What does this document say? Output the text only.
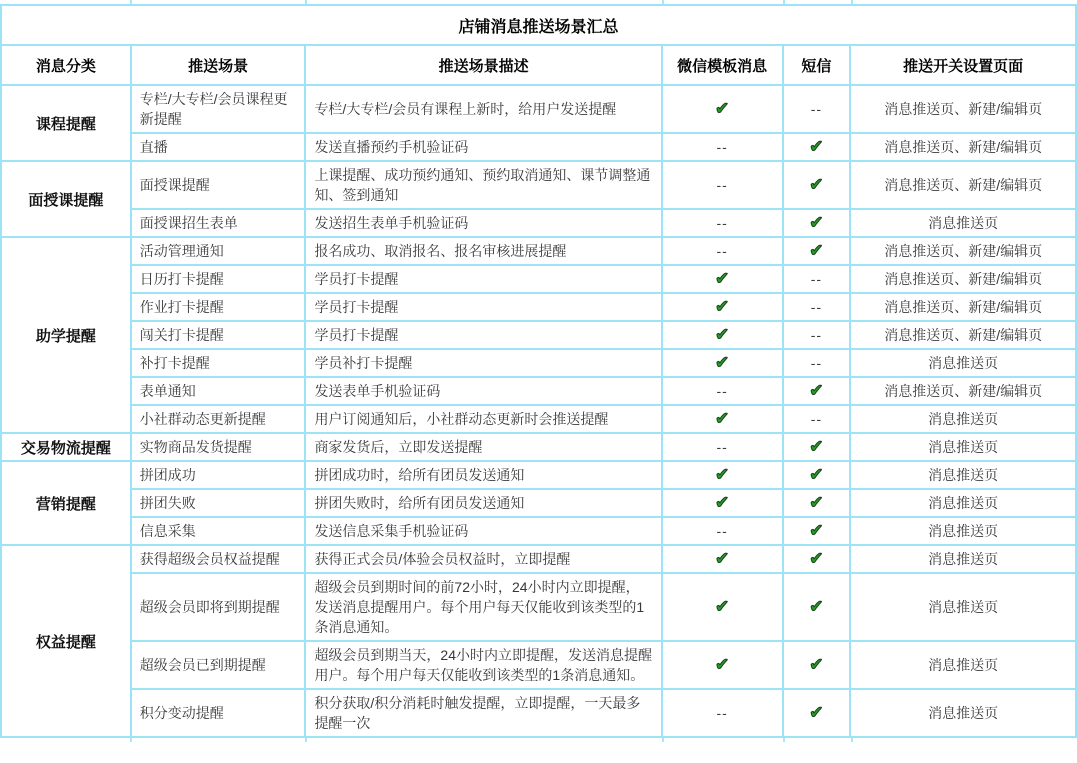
店铺消息推送场景汇总					
消息分类	推送场景	推送场景描述	微信模板消息	短信	推送开关设置页面
课程提醒	专栏/大专栏/会员课程更新提醒	专栏/大专栏/会员有课程上新时，给用户发送提醒	✔	--	消息推送页、新建/编辑页
	直播	发送直播预约手机验证码	--	✔	消息推送页、新建/编辑页
面授课提醒	面授课提醒	上课提醒、成功预约通知、预约取消通知、课节调整通知、签到通知	--	✔	消息推送页、新建/编辑页
	面授课招生表单	发送招生表单手机验证码	--	✔	消息推送页
助学提醒	活动管理通知	报名成功、取消报名、报名审核进展提醒	--	✔	消息推送页、新建/编辑页
	日历打卡提醒	学员打卡提醒	✔	--	消息推送页、新建/编辑页
	作业打卡提醒	学员打卡提醒	✔	--	消息推送页、新建/编辑页
	闯关打卡提醒	学员打卡提醒	✔	--	消息推送页、新建/编辑页
	补打卡提醒	学员补打卡提醒	✔	--	消息推送页
	表单通知	发送表单手机验证码	--	✔	消息推送页、新建/编辑页
	小社群动态更新提醒	用户订阅通知后，小社群动态更新时会推送提醒	✔	--	消息推送页
交易物流提醒	实物商品发货提醒	商家发货后，立即发送提醒	--	✔	消息推送页
营销提醒	拼团成功	拼团成功时，给所有团员发送通知	✔	✔	消息推送页
	拼团失败	拼团失败时，给所有团员发送通知	✔	✔	消息推送页
	信息采集	发送信息采集手机验证码	--	✔	消息推送页
权益提醒	获得超级会员权益提醒	获得正式会员/体验会员权益时，立即提醒	✔	✔	消息推送页
	超级会员即将到期提醒	超级会员到期时间的前72小时，24小时内立即提醒，发送消息提醒用户。每个用户每天仅能收到该类型的1条消息通知。	✔	✔	消息推送页
	超级会员已到期提醒	超级会员到期当天，24小时内立即提醒，发送消息提醒用户。每个用户每天仅能收到该类型的1条消息通知。	✔	✔	消息推送页
	积分变动提醒	积分获取/积分消耗时触发提醒，立即提醒，一天最多提醒一次	--	✔	消息推送页
